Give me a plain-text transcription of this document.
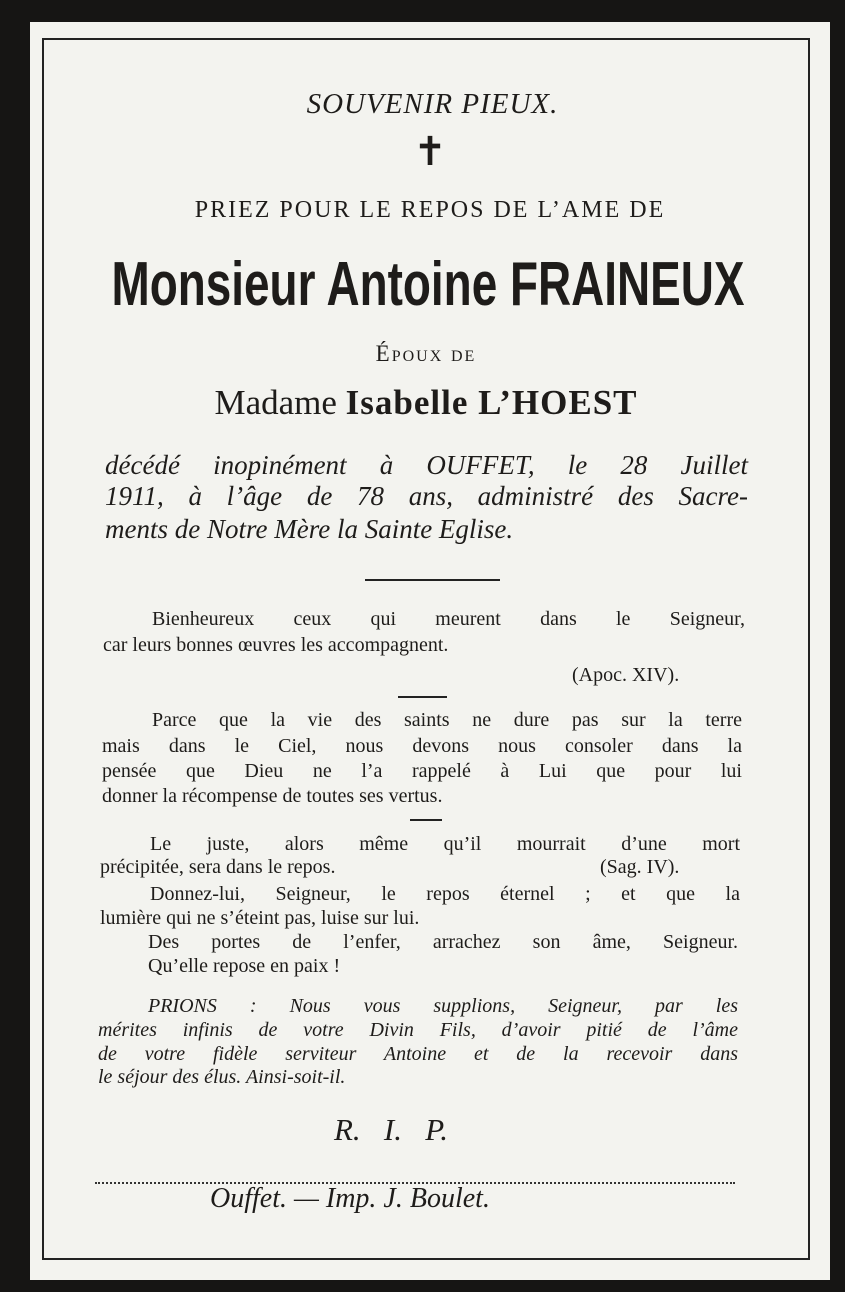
SOUVENIR PIEUX.
✝
PRIEZ POUR LE REPOS DE L’AME DE
Monsieur Antoine FRAINEUX
Époux de
Madame Isabelle L’HOEST
décédé inopinément à OUFFET, le 28 Juillet
1911, à l’âge de 78 ans, administré des Sacre-
ments de Notre Mère la Sainte Eglise.
Bienheureux ceux qui meurent dans le Seigneur,
car leurs bonnes œuvres les accompagnent.
(Apoc. XIV).
Parce que la vie des saints ne dure pas sur la terre
mais dans le Ciel, nous devons nous consoler dans la
pensée que Dieu ne l’a rappelé à Lui que pour lui
donner la récompense de toutes ses vertus.
Le juste, alors même qu’il mourrait d’une mort
précipitée, sera dans le repos.	(Sag. IV).
Donnez-lui, Seigneur, le repos éternel ; et que la
lumière qui ne s’éteint pas, luise sur lui.
Des portes de l’enfer, arrachez son âme, Seigneur.
Qu’elle repose en paix !
PRIONS : Nous vous supplions, Seigneur, par les
mérites infinis de votre Divin Fils, d’avoir pitié de l’âme
de votre fidèle serviteur Antoine et de la recevoir dans
le séjour des élus. Ainsi-soit-il.
R.   I.   P.
Ouffet. — Imp. J. Boulet.
